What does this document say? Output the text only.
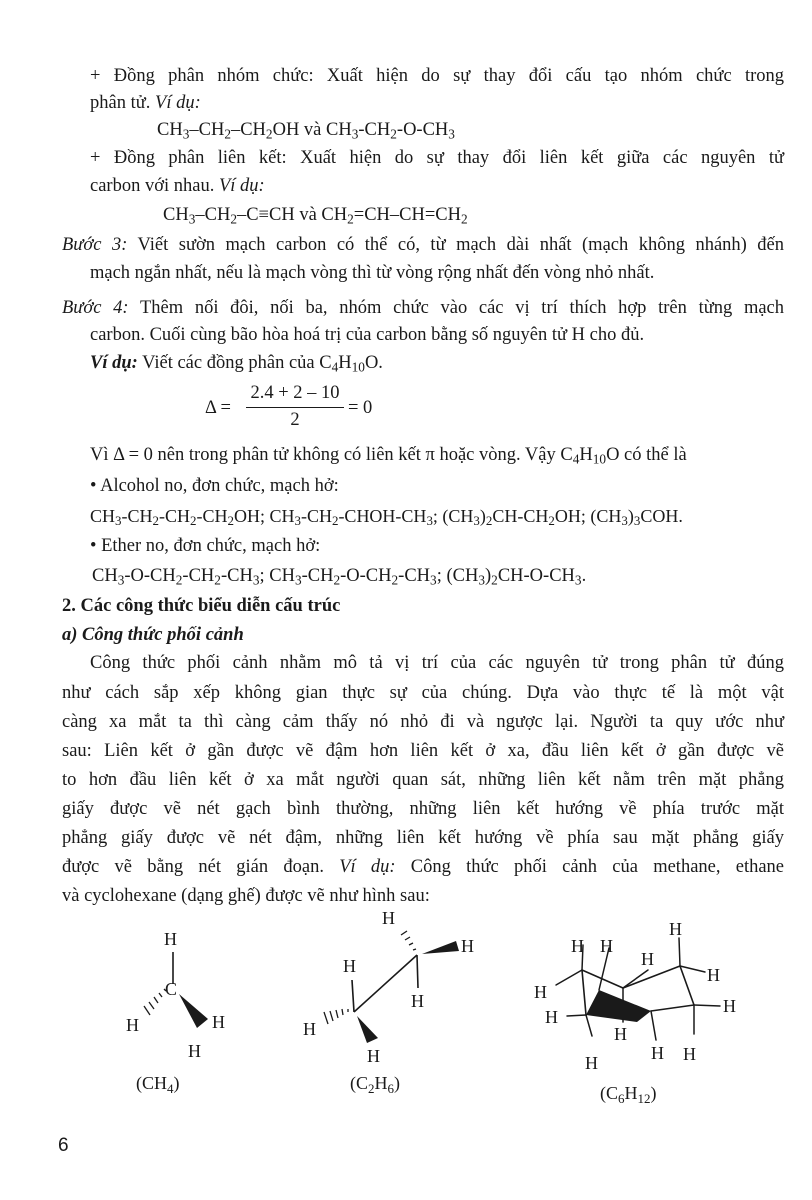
+ Đồng phân nhóm chức: Xuất hiện do sự thay đổi cấu tạo nhóm chức trong
phân tử. Ví dụ:
$CH_3-CH_2-CH_2OH$ và $CH_3-CH_2-O-CH_3$
+ Đồng phân liên kết: Xuất hiện do sự thay đổi liên kết giữa các nguyên tử
carbon với nhau. Ví dụ:
$CH_3-CH_2-C\equiv CH$ và $CH_2=CH-CH=CH_2$
Bước 3: Viết sườn mạch carbon có thể có, từ mạch dài nhất (mạch không nhánh) đến
mạch ngắn nhất, nếu là mạch vòng thì từ vòng rộng nhất đến vòng nhỏ nhất.
Bước 4: Thêm nối đôi, nối ba, nhóm chức vào các vị trí thích hợp trên từng mạch
carbon. Cuối cùng bão hòa hoá trị của carbon bằng số nguyên tử H cho đủ.
Ví dụ: Viết các đồng phân của $C_4H_{10}O$.
$\Delta = \frac{2.4 + 2 - 10}{2} = 0$
Vì Δ = 0 nên trong phân tử không có liên kết π hoặc vòng. Vậy $C_4H_{10}O$ có thể là
• Alcohol no, đơn chức, mạch hở:
$CH_3-CH_2-CH_2-CH_2OH$; $CH_3-CH_2-CHOH-CH_3$; $(CH_3)_2CH-CH_2OH$; $(CH_3)_3COH$.
• Ether no, đơn chức, mạch hở:
$CH_3-O-CH_2-CH_2-CH_3$; $CH_3-CH_2-O-CH_2-CH_3$; $(CH_3)_2CH-O-CH_3$.
2. Các công thức biểu diễn cấu trúc
a) Công thức phối cảnh
Công thức phối cảnh nhằm mô tả vị trí của các nguyên tử trong phân tử đúng
như cách sắp xếp không gian thực sự của chúng. Dựa vào thực tế là một vật
càng xa mắt ta thì càng cảm thấy nó nhỏ đi và ngược lại. Người ta quy ước như
sau: Liên kết ở gần được vẽ đậm hơn liên kết ở xa, đầu liên kết ở gần được vẽ
to hơn đầu liên kết ở xa mắt người quan sát, những liên kết nằm trên mặt phẳng
giấy được vẽ nét gạch bình thường, những liên kết hướng về phía trước mặt
phẳng giấy được vẽ nét đậm, những liên kết hướng về phía sau mặt phẳng giấy
được vẽ bằng nét gián đoạn. Ví dụ: Công thức phối cảnh của methane, ethane
và cyclohexane (dạng ghế) được vẽ như hình sau:
H
C
H	H
H
$(CH_4)$
H
H
H
H
H
H
$(C_2H_6)$
H H
H
H
H
H
H
H
H
H	H H
$(C_6H_{12})$
6
